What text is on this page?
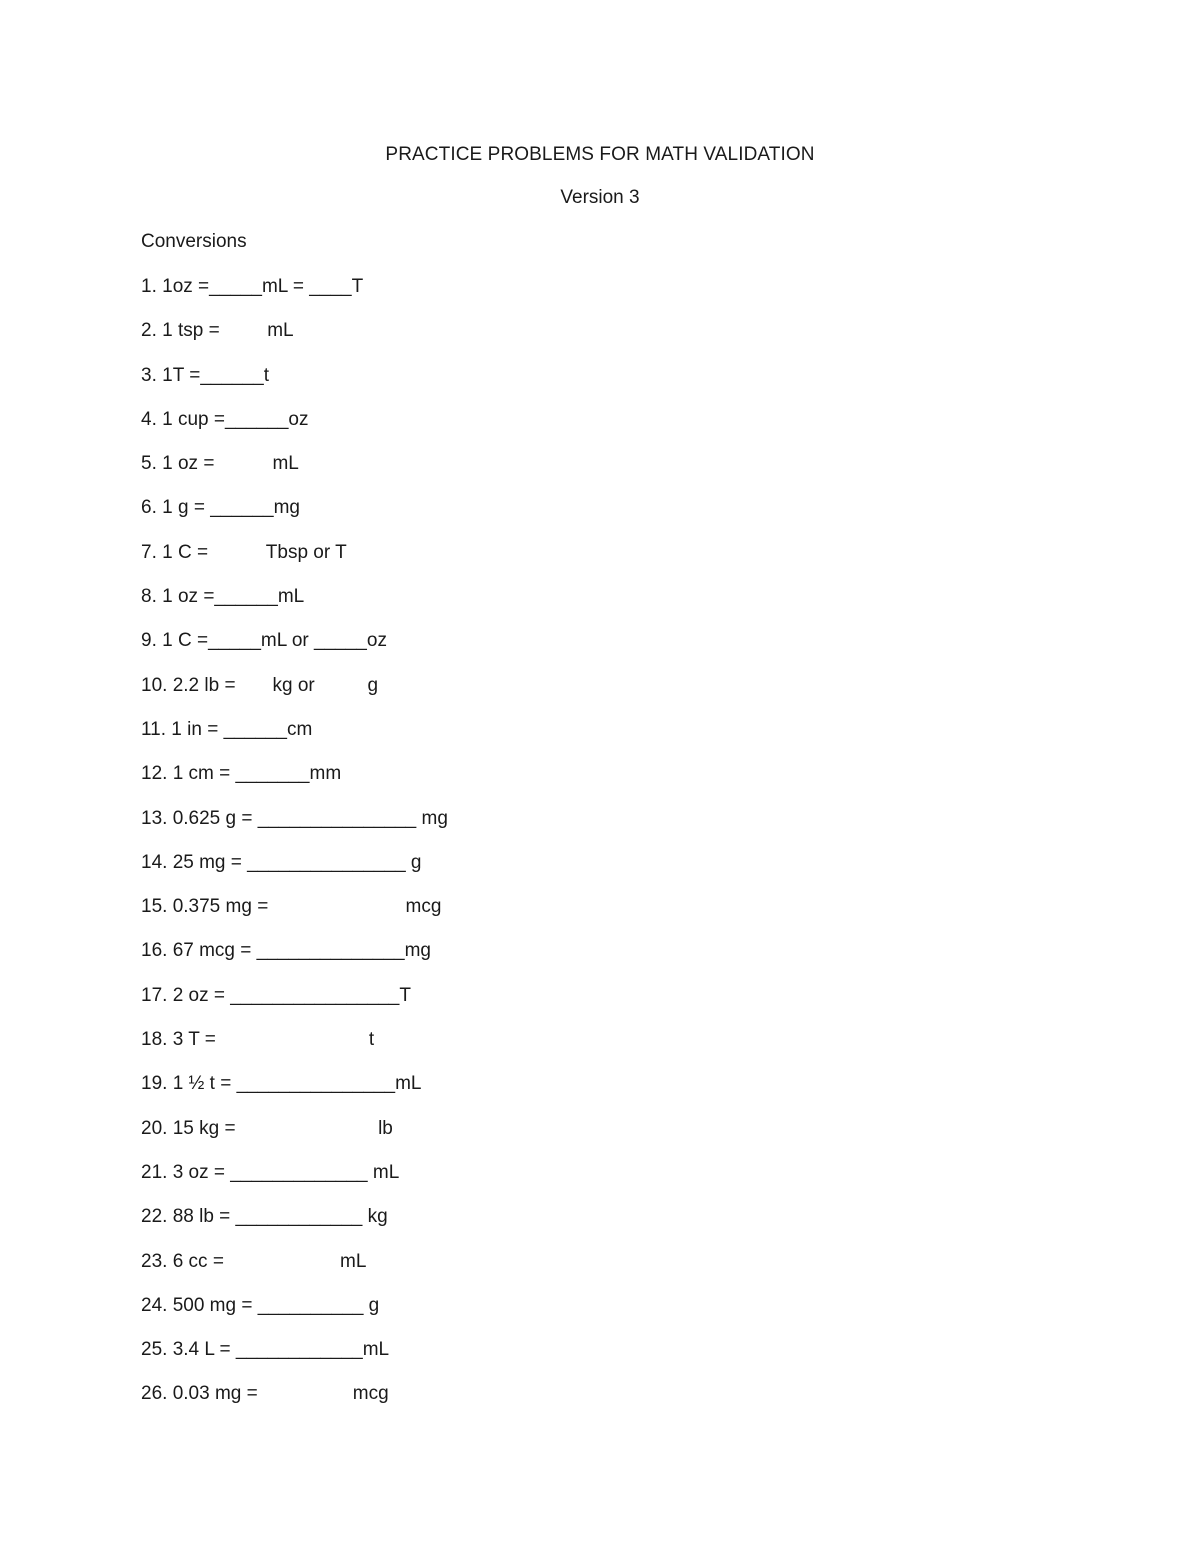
PRACTICE PROBLEMS FOR MATH VALIDATION
Version 3
Conversions
1. 1oz =_____mL = ____T
2. 1 tsp =         mL
3. 1T =______t
4. 1 cup =______oz
5. 1 oz =           mL
6. 1 g = ______mg
7. 1 C =           Tbsp or T
8. 1 oz =______mL
9. 1 C =_____mL or _____oz
10. 2.2 lb =       kg or          g
11. 1 in = ______cm
12. 1 cm = _______mm
13. 0.625 g = _______________ mg
14. 25 mg = _______________ g
15. 0.375 mg =                          mcg
16. 67 mcg = ______________mg
17. 2 oz = ________________T
18. 3 T =                             t
19. 1 ½ t = _______________mL
20. 15 kg =                           lb
21. 3 oz = _____________ mL
22. 88 lb = ____________ kg
23. 6 cc =                      mL
24. 500 mg = __________ g
25. 3.4 L = ____________mL
26. 0.03 mg =                  mcg
